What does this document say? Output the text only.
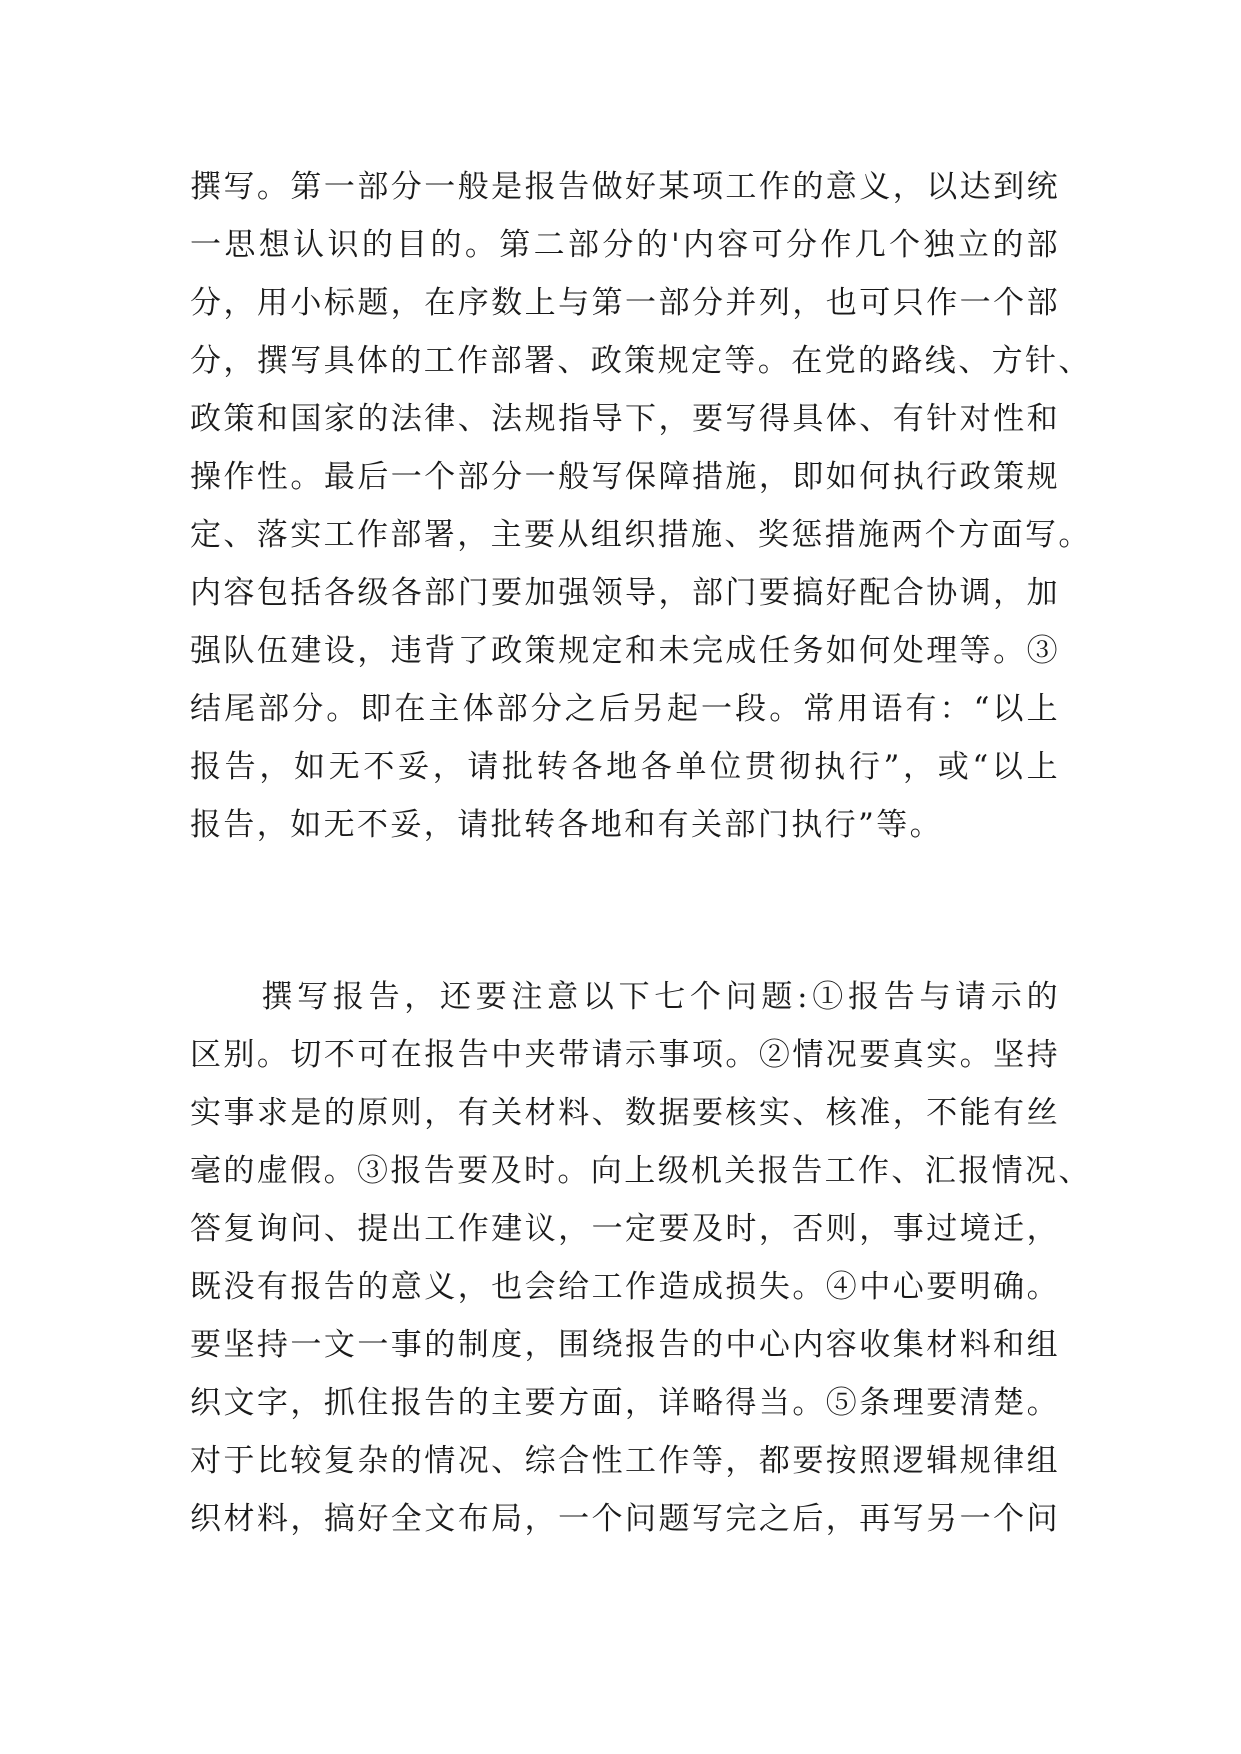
撰写。第一部分一般是报告做好某项工作的意义，以达到统
一思想认识的目的。第二部分的'内容可分作几个独立的部
分，用小标题，在序数上与第一部分并列，也可只作一个部
分，撰写具体的工作部署、政策规定等。在党的路线、方针、
政策和国家的法律、法规指导下，要写得具体、有针对性和
操作性。最后一个部分一般写保障措施，即如何执行政策规
定、落实工作部署，主要从组织措施、奖惩措施两个方面写。
内容包括各级各部门要加强领导，部门要搞好配合协调，加
强队伍建设，违背了政策规定和未完成任务如何处理等。③
结尾部分。即在主体部分之后另起一段。常用语有：“以上
报告，如无不妥，请批转各地各单位贯彻执行”，或“以上
报告，如无不妥，请批转各地和有关部门执行”等。
　　撰写报告，还要注意以下七个问题:①报告与请示的
区别。切不可在报告中夹带请示事项。②情况要真实。坚持
实事求是的原则，有关材料、数据要核实、核准，不能有丝
毫的虚假。③报告要及时。向上级机关报告工作、汇报情况、
答复询问、提出工作建议，一定要及时，否则，事过境迁，
既没有报告的意义，也会给工作造成损失。④中心要明确。
要坚持一文一事的制度，围绕报告的中心内容收集材料和组
织文字，抓住报告的主要方面，详略得当。⑤条理要清楚。
对于比较复杂的情况、综合性工作等，都要按照逻辑规律组
织材料，搞好全文布局，一个问题写完之后，再写另一个问
